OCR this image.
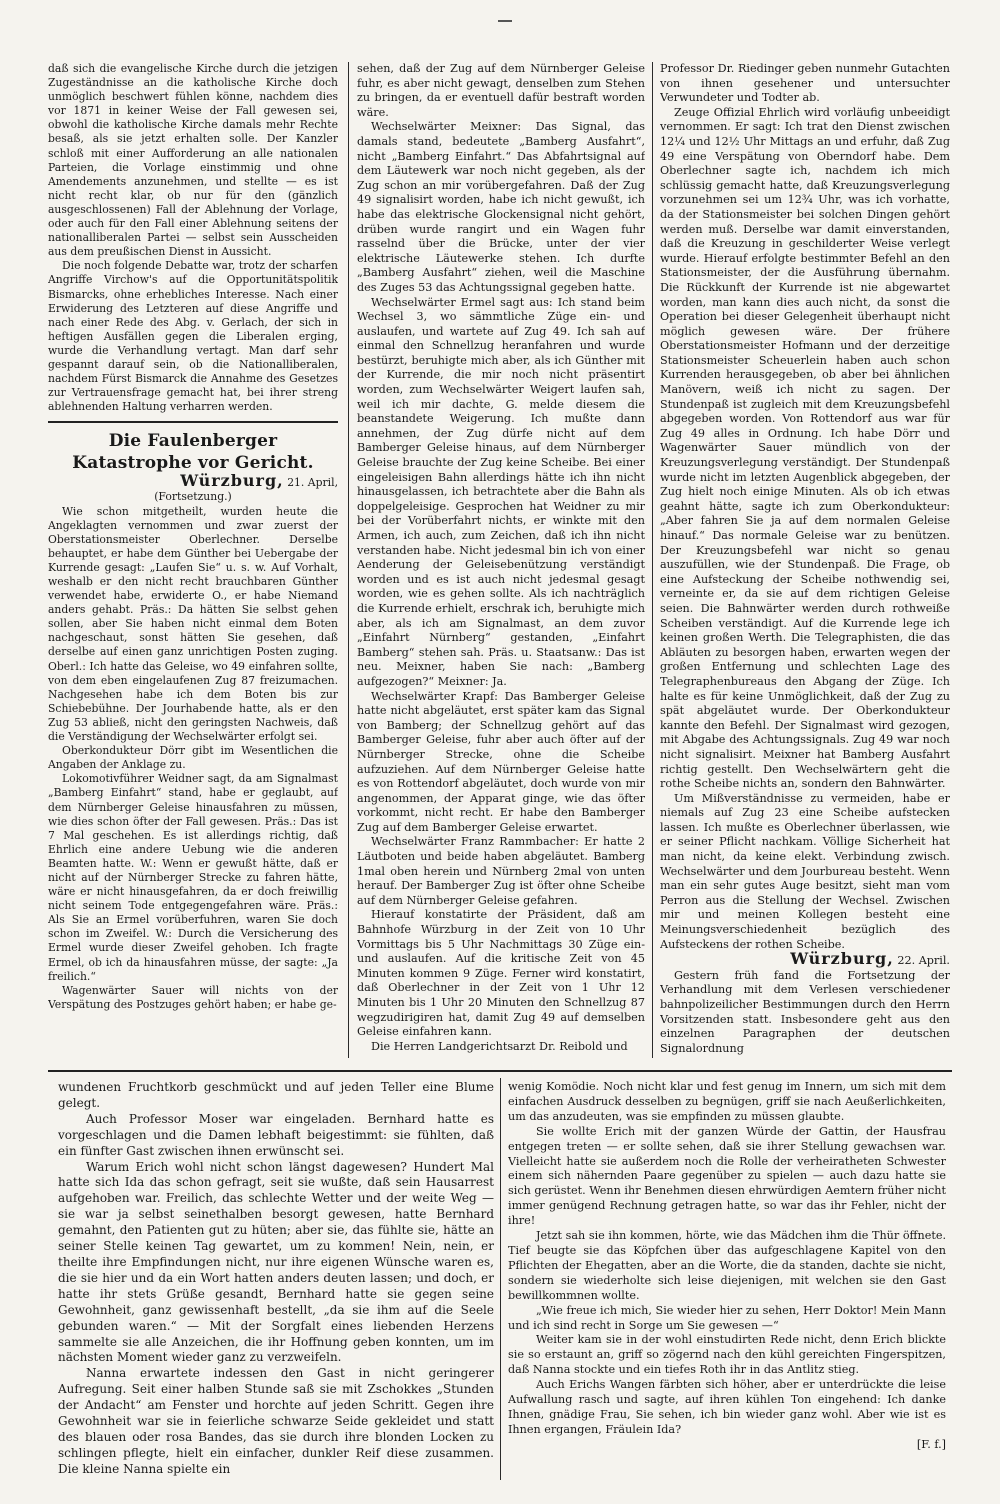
daß sich die evangelische Kirche durch die jetzigen Zugeständnisse an die katholische Kirche doch unmöglich beschwert fühlen könne, nachdem dies vor 1871 in keiner Weise der Fall gewesen sei, obwohl die katholische Kirche damals mehr Rechte besaß, als sie jetzt erhalten solle. Der Kanzler schloß mit einer Aufforderung an alle nationalen Parteien, die Vorlage einstimmig und ohne Amendements anzunehmen, und stellte — es ist nicht recht klar, ob nur für den (gänzlich ausgeschlossenen) Fall der Ablehnung der Vorlage, oder auch für den Fall einer Ablehnung seitens der nationalliberalen Partei — selbst sein Ausscheiden aus dem preußischen Dienst in Aussicht.

Die noch folgende Debatte war, trotz der scharfen Angriffe Virchow's auf die Opportunitätspolitik Bismarcks, ohne erhebliches Interesse. Nach einer Erwiderung des Letzteren auf diese Angriffe und nach einer Rede des Abg. v. Gerlach, der sich in heftigen Ausfällen gegen die Liberalen erging, wurde die Verhandlung vertagt. Man darf sehr gespannt darauf sein, ob die Nationalliberalen, nachdem Fürst Bismarck die Annahme des Gesetzes zur Vertrauensfrage gemacht hat, bei ihrer streng ablehnenden Haltung verharren werden.

Die Faulenberger Katastrophe vor Gericht.

Würzburg, 21. April,

(Fortsetzung.)

Wie schon mitgetheilt, wurden heute die Angeklagten vernommen und zwar zuerst der Oberstationsmeister Oberlechner. Derselbe behauptet, er habe dem Günther bei Uebergabe der Kurrende gesagt: „Laufen Sie“ u. s. w. Auf Vorhalt, weshalb er den nicht recht brauchbaren Günther verwendet habe, erwiderte O., er habe Niemand anders gehabt. Präs.: Da hätten Sie selbst gehen sollen, aber Sie haben nicht einmal dem Boten nachgeschaut, sonst hätten Sie gesehen, daß derselbe auf einen ganz unrichtigen Posten zuging. Oberl.: Ich hatte das Geleise, wo 49 einfahren sollte, von dem eben eingelaufenen Zug 87 freizumachen. Nachgesehen habe ich dem Boten bis zur Schiebebühne. Der Jourhabende hatte, als er den Zug 53 abließ, nicht den geringsten Nachweis, daß die Verständigung der Wechselwärter erfolgt sei.

Oberkondukteur Dörr gibt im Wesentlichen die Angaben der Anklage zu.

Lokomotivführer Weidner sagt, da am Signalmast „Bamberg Einfahrt“ stand, habe er geglaubt, auf dem Nürnberger Geleise hinausfahren zu müssen, wie dies schon öfter der Fall gewesen. Präs.: Das ist 7 Mal geschehen. Es ist allerdings richtig, daß Ehrlich eine andere Uebung wie die anderen Beamten hatte. W.: Wenn er gewußt hätte, daß er nicht auf der Nürnberger Strecke zu fahren hätte, wäre er nicht hinausgefahren, da er doch freiwillig nicht seinem Tode entgegengefahren wäre. Präs.: Als Sie an Ermel vorüberfuhren, waren Sie doch schon im Zweifel. W.: Durch die Versicherung des Ermel wurde dieser Zweifel gehoben. Ich fragte Ermel, ob ich da hinausfahren müsse, der sagte: „Ja freilich.“

Wagenwärter Sauer will nichts von der Verspätung des Postzuges gehört haben; er habe ge-

sehen, daß der Zug auf dem Nürnberger Geleise fuhr, es aber nicht gewagt, denselben zum Stehen zu bringen, da er eventuell dafür bestraft worden wäre.

Wechselwärter Meixner: Das Signal, das damals stand, bedeutete „Bamberg Ausfahrt“, nicht „Bamberg Einfahrt.“ Das Abfahrtsignal auf dem Läutewerk war noch nicht gegeben, als der Zug schon an mir vorübergefahren. Daß der Zug 49 signalisirt worden, habe ich nicht gewußt, ich habe das elektrische Glockensignal nicht gehört, drüben wurde rangirt und ein Wagen fuhr rasselnd über die Brücke, unter der vier elektrische Läutewerke stehen. Ich durfte „Bamberg Ausfahrt“ ziehen, weil die Maschine des Zuges 53 das Achtungssignal gegeben hatte.

Wechselwärter Ermel sagt aus: Ich stand beim Wechsel 3, wo sämmtliche Züge ein- und auslaufen, und wartete auf Zug 49. Ich sah auf einmal den Schnellzug heranfahren und wurde bestürzt, beruhigte mich aber, als ich Günther mit der Kurrende, die mir noch nicht präsentirt worden, zum Wechselwärter Weigert laufen sah, weil ich mir dachte, G. melde diesem die beanstandete Weigerung. Ich mußte dann annehmen, der Zug dürfe nicht auf dem Bamberger Geleise hinaus, auf dem Nürnberger Geleise brauchte der Zug keine Scheibe. Bei einer eingeleisigen Bahn allerdings hätte ich ihn nicht hinausgelassen, ich betrachtete aber die Bahn als doppelgeleisige. Gesprochen hat Weidner zu mir bei der Vorüberfahrt nichts, er winkte mit den Armen, ich auch, zum Zeichen, daß ich ihn nicht verstanden habe. Nicht jedesmal bin ich von einer Aenderung der Geleisebenützung verständigt worden und es ist auch nicht jedesmal gesagt worden, wie es gehen sollte. Als ich nachträglich die Kurrende erhielt, erschrak ich, beruhigte mich aber, als ich am Signalmast, an dem zuvor „Einfahrt Nürnberg“ gestanden, „Einfahrt Bamberg“ stehen sah. Präs. u. Staatsanw.: Das ist neu. Meixner, haben Sie nach: „Bamberg aufgezogen?“ Meixner: Ja.

Wechselwärter Krapf: Das Bamberger Geleise hatte nicht abgeläutet, erst später kam das Signal von Bamberg; der Schnellzug gehört auf das Bamberger Geleise, fuhr aber auch öfter auf der Nürnberger Strecke, ohne die Scheibe aufzuziehen. Auf dem Nürnberger Geleise hatte es von Rottendorf abgeläutet, doch wurde von mir angenommen, der Apparat ginge, wie das öfter vorkommt, nicht recht. Er habe den Bamberger Zug auf dem Bamberger Geleise erwartet.

Wechselwärter Franz Rammbacher: Er hatte 2 Läutboten und beide haben abgeläutet. Bamberg 1mal oben herein und Nürnberg 2mal von unten herauf. Der Bamberger Zug ist öfter ohne Scheibe auf dem Nürnberger Geleise gefahren.

Hierauf konstatirte der Präsident, daß am Bahnhofe Würzburg in der Zeit von 10 Uhr Vormittags bis 5 Uhr Nachmittags 30 Züge ein- und auslaufen. Auf die kritische Zeit von 45 Minuten kommen 9 Züge. Ferner wird konstatirt, daß Oberlechner in der Zeit von 1 Uhr 12 Minuten bis 1 Uhr 20 Minuten den Schnellzug 87 wegzudirigiren hat, damit Zug 49 auf demselben Geleise einfahren kann.

Die Herren Landgerichtsarzt Dr. Reibold und

Professor Dr. Riedinger geben nunmehr Gutachten von ihnen gesehener und untersuchter Verwundeter und Todter ab.

Zeuge Offizial Ehrlich wird vorläufig unbeeidigt vernommen. Er sagt: Ich trat den Dienst zwischen 12¼ und 12½ Uhr Mittags an und erfuhr, daß Zug 49 eine Verspätung von Oberndorf habe. Dem Oberlechner sagte ich, nachdem ich mich schlüssig gemacht hatte, daß Kreuzungsverlegung vorzunehmen sei um 12¾ Uhr, was ich vorhatte, da der Stationsmeister bei solchen Dingen gehört werden muß. Derselbe war damit einverstanden, daß die Kreuzung in geschilderter Weise verlegt wurde. Hierauf erfolgte bestimmter Befehl an den Stationsmeister, der die Ausführung übernahm. Die Rückkunft der Kurrende ist nie abgewartet worden, man kann dies auch nicht, da sonst die Operation bei dieser Gelegenheit überhaupt nicht möglich gewesen wäre. Der frühere Oberstationsmeister Hofmann und der derzeitige Stationsmeister Scheuerlein haben auch schon Kurrenden herausgegeben, ob aber bei ähnlichen Manövern, weiß ich nicht zu sagen. Der Stundenpaß ist zugleich mit dem Kreuzungsbefehl abgegeben worden. Von Rottendorf aus war für Zug 49 alles in Ordnung. Ich habe Dörr und Wagenwärter Sauer mündlich von der Kreuzungsverlegung verständigt. Der Stundenpaß wurde nicht im letzten Augenblick abgegeben, der Zug hielt noch einige Minuten. Als ob ich etwas geahnt hätte, sagte ich zum Oberkondukteur: „Aber fahren Sie ja auf dem normalen Geleise hinauf.“ Das normale Geleise war zu benützen. Der Kreuzungsbefehl war nicht so genau auszufüllen, wie der Stundenpaß. Die Frage, ob eine Aufsteckung der Scheibe nothwendig sei, verneinte er, da sie auf dem richtigen Geleise seien. Die Bahnwärter werden durch rothweiße Scheiben verständigt. Auf die Kurrende lege ich keinen großen Werth. Die Telegraphisten, die das Abläuten zu besorgen haben, erwarten wegen der großen Entfernung und schlechten Lage des Telegraphenbureaus den Abgang der Züge. Ich halte es für keine Unmöglichkeit, daß der Zug zu spät abgeläutet wurde. Der Oberkondukteur kannte den Befehl. Der Signalmast wird gezogen, mit Abgabe des Achtungssignals. Zug 49 war noch nicht signalisirt. Meixner hat Bamberg Ausfahrt richtig gestellt. Den Wechselwärtern geht die rothe Scheibe nichts an, sondern den Bahnwärter.

Um Mißverständnisse zu vermeiden, habe er niemals auf Zug 23 eine Scheibe aufstecken lassen. Ich mußte es Oberlechner überlassen, wie er seiner Pflicht nachkam. Völlige Sicherheit hat man nicht, da keine elekt. Verbindung zwisch. Wechselwärter und dem Jourbureau besteht. Wenn man ein sehr gutes Auge besitzt, sieht man vom Perron aus die Stellung der Wechsel. Zwischen mir und meinen Kollegen besteht eine Meinungsverschiedenheit bezüglich des Aufsteckens der rothen Scheibe.

Würzburg, 22. April.

Gestern früh fand die Fortsetzung der Verhandlung mit dem Verlesen verschiedener bahnpolizeilicher Bestimmungen durch den Herrn Vorsitzenden statt. Insbesondere geht aus den einzelnen Paragraphen der deutschen Signalordnung

wundenen Fruchtkorb geschmückt und auf jeden Teller eine Blume gelegt.

Auch Professor Moser war eingeladen. Bernhard hatte es vorgeschlagen und die Damen lebhaft beigestimmt: sie fühlten, daß ein fünfter Gast zwischen ihnen erwünscht sei.

Warum Erich wohl nicht schon längst dagewesen? Hundert Mal hatte sich Ida das schon gefragt, seit sie wußte, daß sein Hausarrest aufgehoben war. Freilich, das schlechte Wetter und der weite Weg — sie war ja selbst seinethalben besorgt gewesen, hatte Bernhard gemahnt, den Patienten gut zu hüten; aber sie, das fühlte sie, hätte an seiner Stelle keinen Tag gewartet, um zu kommen! Nein, nein, er theilte ihre Empfindungen nicht, nur ihre eigenen Wünsche waren es, die sie hier und da ein Wort hatten anders deuten lassen; und doch, er hatte ihr stets Grüße gesandt, Bernhard hatte sie gegen seine Gewohnheit, ganz gewissenhaft bestellt, „da sie ihm auf die Seele gebunden waren.“ — Mit der Sorgfalt eines liebenden Herzens sammelte sie alle Anzeichen, die ihr Hoffnung geben konnten, um im nächsten Moment wieder ganz zu verzweifeln.

Nanna erwartete indessen den Gast in nicht geringerer Aufregung. Seit einer halben Stunde saß sie mit Zschokkes „Stunden der Andacht“ am Fenster und horchte auf jeden Schritt. Gegen ihre Gewohnheit war sie in feierliche schwarze Seide gekleidet und statt des blauen oder rosa Bandes, das sie durch ihre blonden Locken zu schlingen pflegte, hielt ein einfacher, dunkler Reif diese zusammen. Die kleine Nanna spielte ein

wenig Komödie. Noch nicht klar und fest genug im Innern, um sich mit dem einfachen Ausdruck desselben zu begnügen, griff sie nach Aeußerlichkeiten, um das anzudeuten, was sie empfinden zu müssen glaubte.

Sie wollte Erich mit der ganzen Würde der Gattin, der Hausfrau entgegen treten — er sollte sehen, daß sie ihrer Stellung gewachsen war. Vielleicht hatte sie außerdem noch die Rolle der verheiratheten Schwester einem sich nähernden Paare gegenüber zu spielen — auch dazu hatte sie sich gerüstet. Wenn ihr Benehmen diesen ehrwürdigen Aemtern früher nicht immer genügend Rechnung getragen hatte, so war das ihr Fehler, nicht der ihre!

Jetzt sah sie ihn kommen, hörte, wie das Mädchen ihm die Thür öffnete. Tief beugte sie das Köpfchen über das aufgeschlagene Kapitel von den Pflichten der Ehegatten, aber an die Worte, die da standen, dachte sie nicht, sondern sie wiederholte sich leise diejenigen, mit welchen sie den Gast bewillkommnen wollte.

„Wie freue ich mich, Sie wieder hier zu sehen, Herr Doktor! Mein Mann und ich sind recht in Sorge um Sie gewesen —“

Weiter kam sie in der wohl einstudirten Rede nicht, denn Erich blickte sie so erstaunt an, griff so zögernd nach den kühl gereichten Fingerspitzen, daß Nanna stockte und ein tiefes Roth ihr in das Antlitz stieg.

Auch Erichs Wangen färbten sich höher, aber er unterdrückte die leise Aufwallung rasch und sagte, auf ihren kühlen Ton eingehend: Ich danke Ihnen, gnädige Frau, Sie sehen, ich bin wieder ganz wohl. Aber wie ist es Ihnen ergangen, Fräulein Ida?

[F. f.]
